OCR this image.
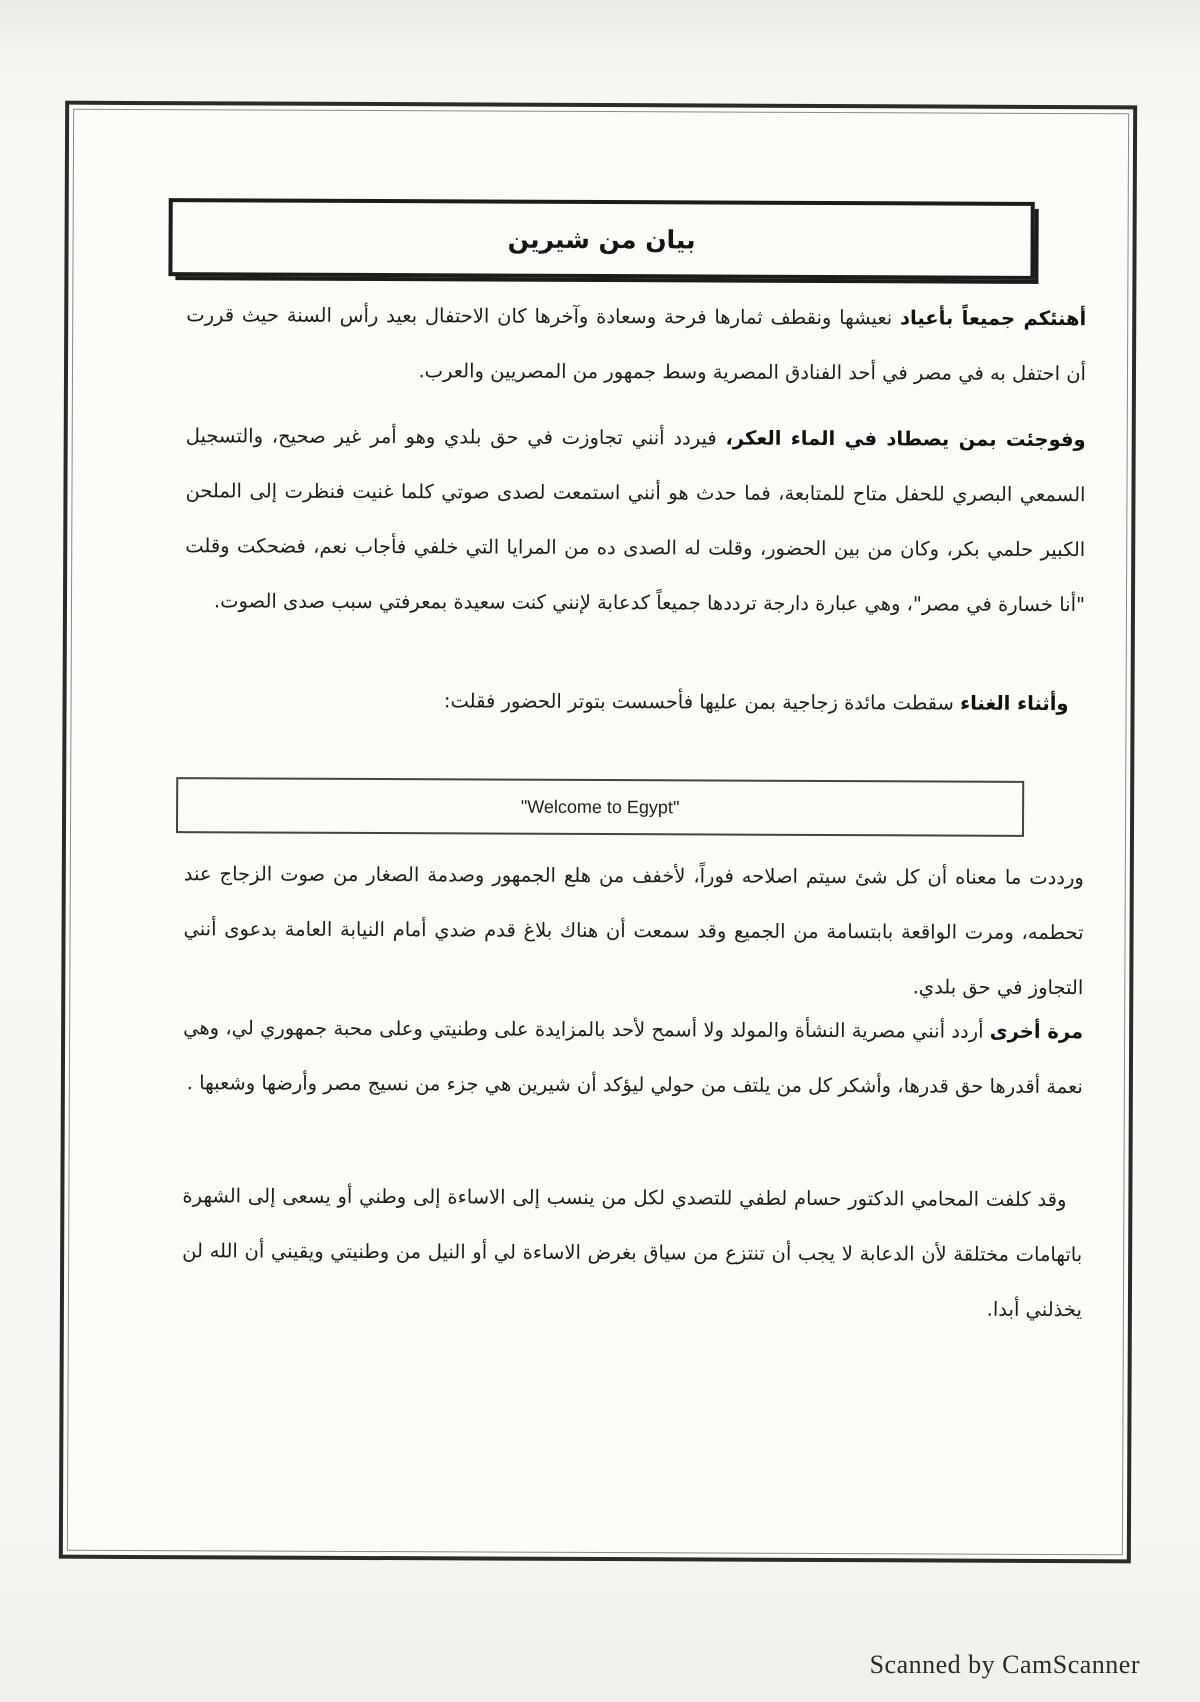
بيان من شيرين

أهنئكم جميعاً بأعياد نعيشها ونقطف ثمارها فرحة وسعادة وآخرها كان الاحتفال بعيد رأس السنة حيث قررت أن احتفل به في مصر في أحد الفنادق المصرية وسط جمهور من المصريين والعرب.

وفوجئت بمن يصطاد في الماء العكر، فيردد أنني تجاوزت في حق بلدي وهو أمر غير صحيح، والتسجيل السمعي البصري للحفل متاح للمتابعة، فما حدث هو أنني استمعت لصدى صوتي كلما غنيت فنظرت إلى الملحن الكبير حلمي بكر، وكان من بين الحضور، وقلت له الصدى ده من المرايا التي خلفي فأجاب نعم، فضحكت وقلت "أنا خسارة في مصر"، وهي عبارة دارجة ترددها جميعاً كدعابة لإنني كنت سعيدة بمعرفتي سبب صدى الصوت.

وأثناء الغناء سقطت مائدة زجاجية بمن عليها فأحسست بتوتر الحضور فقلت:

"Welcome to Egypt"

ورددت ما معناه أن كل شئ سيتم اصلاحه فوراً، لأخفف من هلع الجمهور وصدمة الصغار من صوت الزجاج عند تحطمه، ومرت الواقعة بابتسامة من الجميع وقد سمعت أن هناك بلاغ قدم ضدي أمام النيابة العامة بدعوى أنني التجاوز في حق بلدي.

مرة أخرى أردد أنني مصرية النشأة والمولد ولا أسمح لأحد بالمزايدة على وطنيتي وعلى محبة جمهوري لي، وهي نعمة أقدرها حق قدرها، وأشكر كل من يلتف من حولي ليؤكد أن شيرين هي جزء من نسيج مصر وأرضها وشعبها .

وقد كلفت المحامي الدكتور حسام لطفي للتصدي لكل من ينسب إلى الاساءة إلى وطني أو يسعى إلى الشهرة باتهامات مختلقة لأن الدعابة لا يجب أن تنتزع من سياق بغرض الاساءة لي أو النيل من وطنيتي ويقيني أن الله لن يخذلني أبدا.

Scanned by CamScanner
